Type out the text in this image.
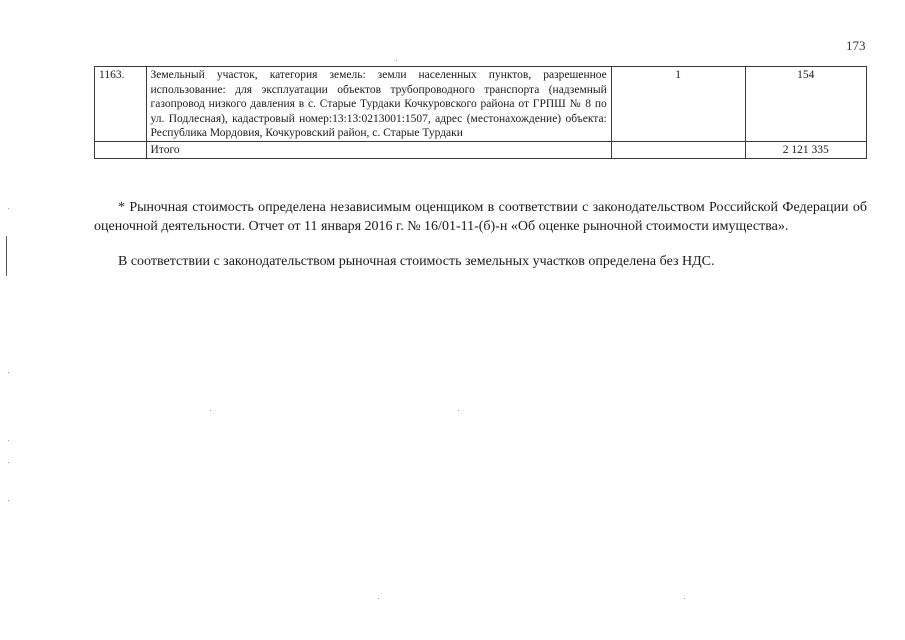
173
1163.	Земельный участок, категория земель: земли населенных пунктов, разрешенное использование: для эксплуатации объектов трубопроводного транспорта (надземный газопровод низкого давления в с. Старые Турдаки Кочкуровского района от ГРПШ № 8 по ул. Подлесная), кадастровый номер:13:13:0213001:1507, адрес (местонахождение) объекта: Республика Мордовия, Кочкуровский район, с. Старые Турдаки	1	154
	Итого		2 121 335

* Рыночная стоимость определена независимым оценщиком в соответствии с законодательством Российской Федерации об оценочной деятельности. Отчет от 11 января 2016 г. № 16/01-11-(б)-н «Об оценке рыночной стоимости имущества».

В соответствии с законодательством рыночная стоимость земельных участков определена без НДС.
